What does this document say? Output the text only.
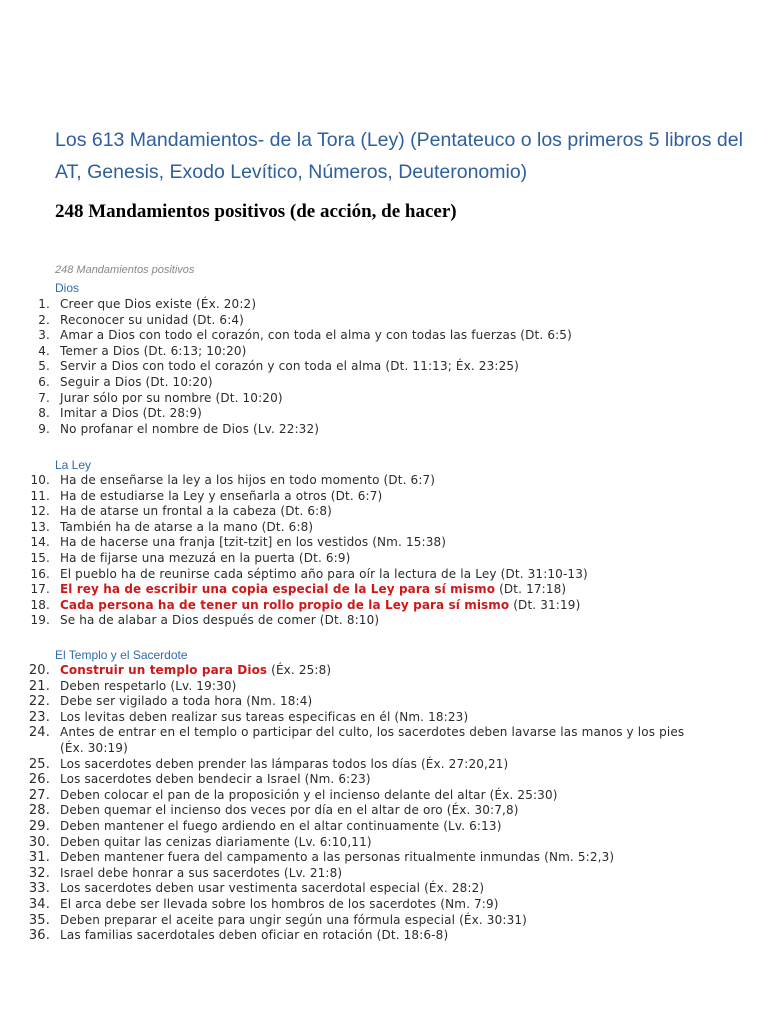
Los 613 Mandamientos- de la Tora (Ley) (Pentateuco o los primeros 5 libros del AT, Genesis, Exodo Levítico, Números, Deuteronomio)
248 Mandamientos positivos (de acción, de hacer)
248 Mandamientos positivos
Dios
1. Creer que Dios existe (Éx. 20:2)
2. Reconocer su unidad (Dt. 6:4)
3. Amar a Dios con todo el corazón, con toda el alma y con todas las fuerzas (Dt. 6:5)
4. Temer a Dios (Dt. 6:13; 10:20)
5. Servir a Dios con todo el corazón y con toda el alma (Dt. 11:13; Éx. 23:25)
6. Seguir a Dios (Dt. 10:20)
7. Jurar sólo por su nombre (Dt. 10:20)
8. Imitar a Dios (Dt. 28:9)
9. No profanar el nombre de Dios (Lv. 22:32)
La Ley
10. Ha de enseñarse la ley a los hijos en todo momento (Dt. 6:7)
11. Ha de estudiarse la Ley y enseñarla a otros (Dt. 6:7)
12. Ha de atarse un frontal a la cabeza (Dt. 6:8)
13. También ha de atarse a la mano (Dt. 6:8)
14. Ha de hacerse una franja [tzit-tzit] en los vestidos (Nm. 15:38)
15. Ha de fijarse una mezuzá en la puerta (Dt. 6:9)
16. El pueblo ha de reunirse cada séptimo año para oír la lectura de la Ley (Dt. 31:10-13)
17. El rey ha de escribir una copia especial de la Ley para sí mismo (Dt. 17:18)
18. Cada persona ha de tener un rollo propio de la Ley para sí mismo (Dt. 31:19)
19. Se ha de alabar a Dios después de comer (Dt. 8:10)
El Templo y el Sacerdote
20. Construir un templo para Dios (Éx. 25:8)
21. Deben respetarlo (Lv. 19:30)
22. Debe ser vigilado a toda hora (Nm. 18:4)
23. Los levitas deben realizar sus tareas especificas en él (Nm. 18:23)
24. Antes de entrar en el templo o participar del culto, los sacerdotes deben lavarse las manos y los pies (Éx. 30:19)
25. Los sacerdotes deben prender las lámparas todos los días (Éx. 27:20,21)
26. Los sacerdotes deben bendecir a Israel (Nm. 6:23)
27. Deben colocar el pan de la proposición y el incienso delante del altar (Éx. 25:30)
28. Deben quemar el incienso dos veces por día en el altar de oro (Éx. 30:7,8)
29. Deben mantener el fuego ardiendo en el altar continuamente (Lv. 6:13)
30. Deben quitar las cenizas diariamente (Lv. 6:10,11)
31. Deben mantener fuera del campamento a las personas ritualmente inmundas (Nm. 5:2,3)
32. Israel debe honrar a sus sacerdotes (Lv. 21:8)
33. Los sacerdotes deben usar vestimenta sacerdotal especial (Éx. 28:2)
34. El arca debe ser llevada sobre los hombros de los sacerdotes (Nm. 7:9)
35. Deben preparar el aceite para ungir según una fórmula especial (Éx. 30:31)
36. Las familias sacerdotales deben oficiar en rotación (Dt. 18:6-8)
